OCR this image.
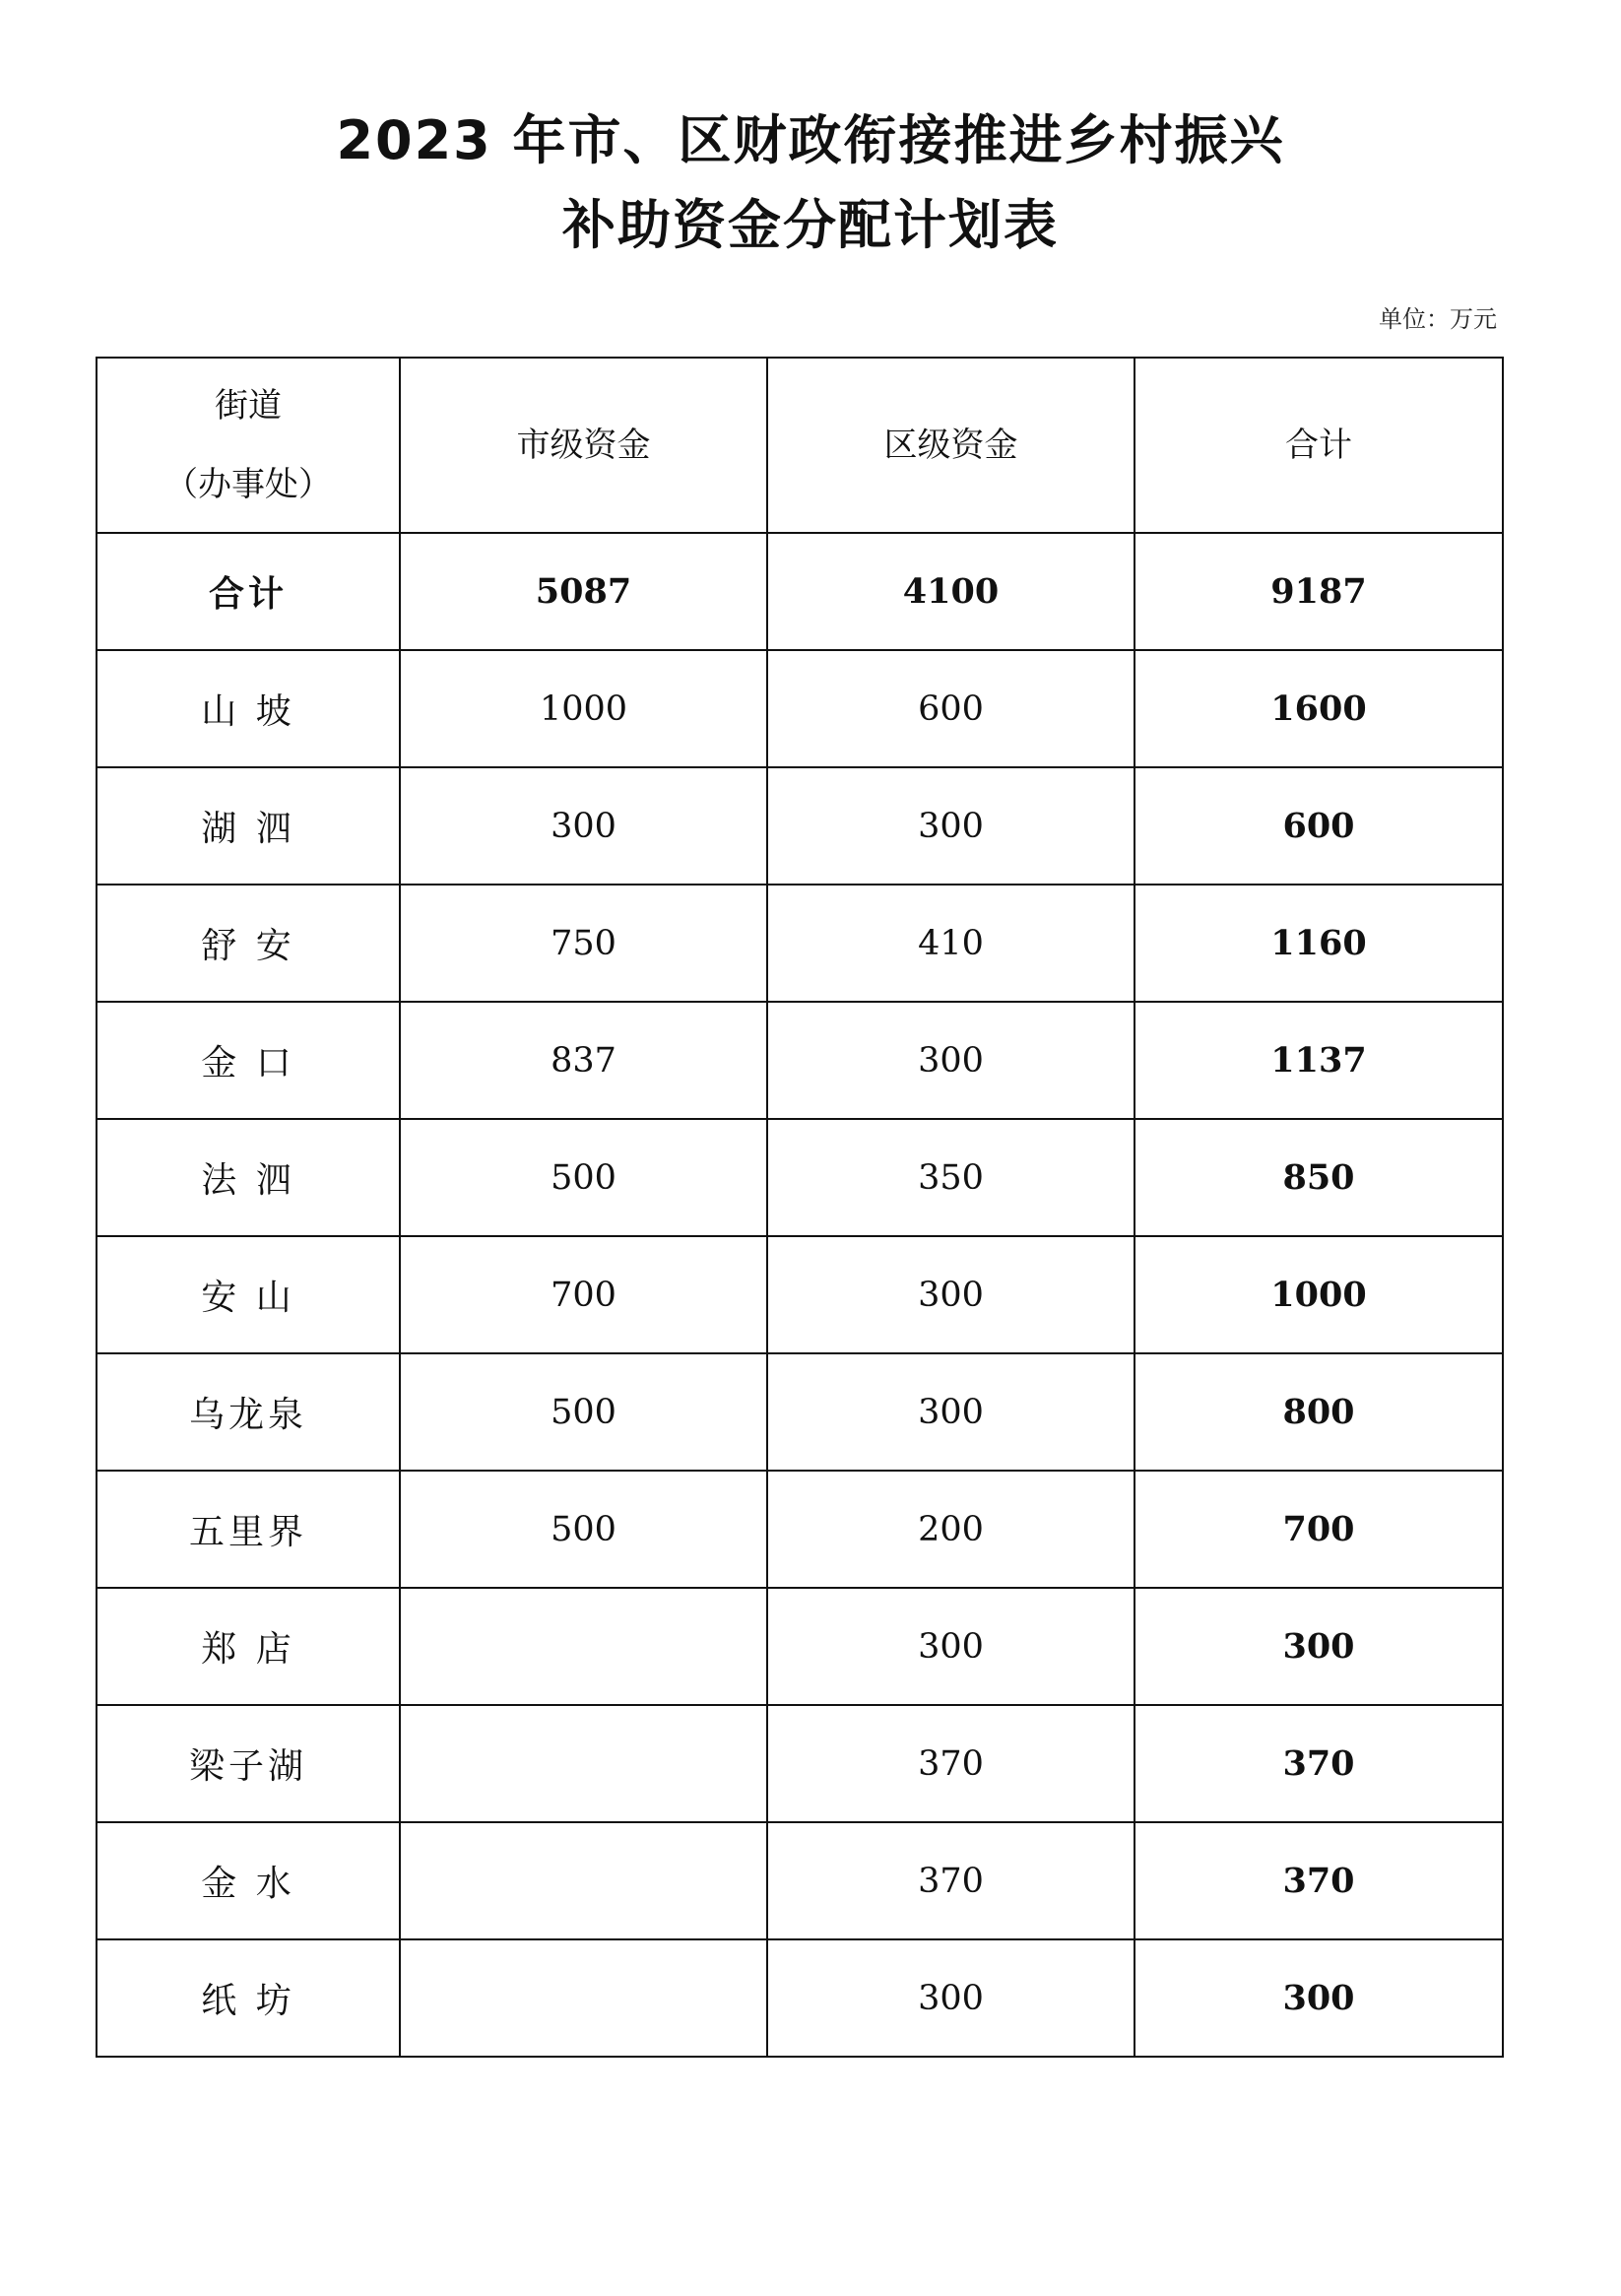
2023 年市、区财政衔接推进乡村振兴
补助资金分配计划表
单位：万元
街道
（办事处）	市级资金	区级资金	合计
合计	5087	4100	9187
山 坡	1000	600	1600
湖 泗	300	300	600
舒 安	750	410	1160
金 口	837	300	1137
法 泗	500	350	850
安 山	700	300	1000
乌龙泉	500	300	800
五里界	500	200	700
郑 店		300	300
梁子湖		370	370
金 水		370	370
纸 坊		300	300
